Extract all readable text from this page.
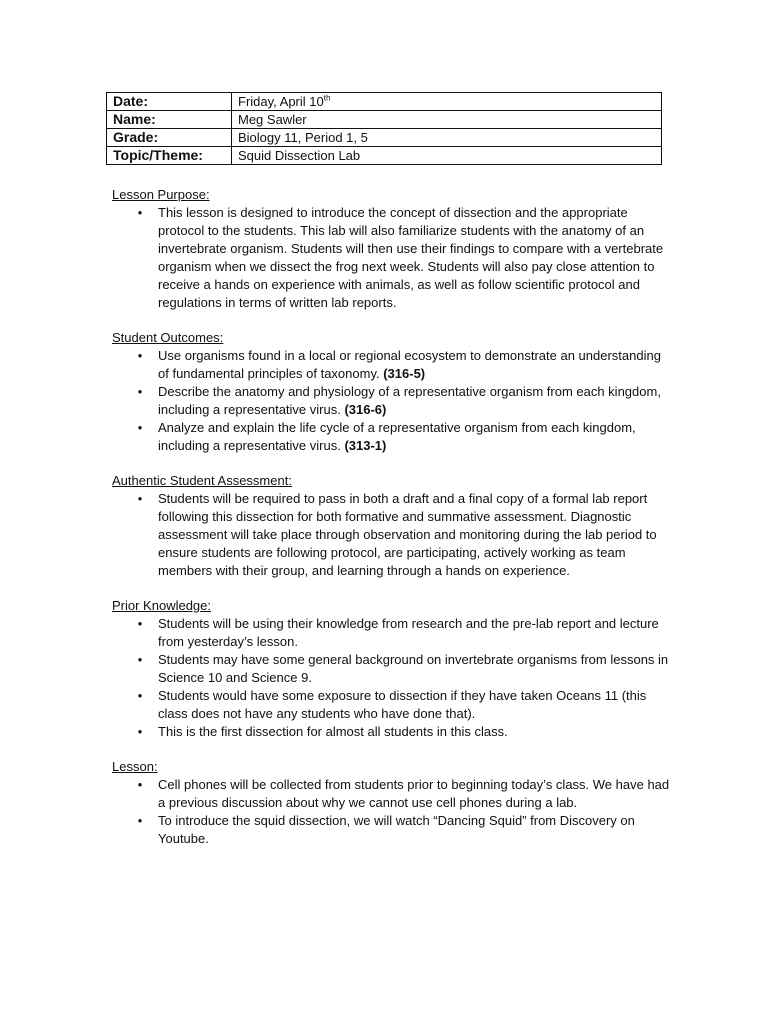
Date:	Friday, April 10th
Name:	Meg Sawler
Grade:	Biology 11, Period 1, 5
Topic/Theme:	Squid Dissection Lab
Lesson Purpose:
• This lesson is designed to introduce the concept of dissection and the appropriate protocol to the students. This lab will also familiarize students with the anatomy of an invertebrate organism. Students will then use their findings to compare with a vertebrate organism when we dissect the frog next week. Students will also pay close attention to receive a hands on experience with animals, as well as follow scientific protocol and regulations in terms of written lab reports.
Student Outcomes:
• Use organisms found in a local or regional ecosystem to demonstrate an understanding of fundamental principles of taxonomy. (316-5)
• Describe the anatomy and physiology of a representative organism from each kingdom, including a representative virus. (316-6)
• Analyze and explain the life cycle of a representative organism from each kingdom, including a representative virus. (313-1)
Authentic Student Assessment:
• Students will be required to pass in both a draft and a final copy of a formal lab report following this dissection for both formative and summative assessment. Diagnostic assessment will take place through observation and monitoring during the lab period to ensure students are following protocol, are participating, actively working as team members with their group, and learning through a hands on experience.
Prior Knowledge:
• Students will be using their knowledge from research and the pre-lab report and lecture from yesterday’s lesson.
• Students may have some general background on invertebrate organisms from lessons in Science 10 and Science 9.
• Students would have some exposure to dissection if they have taken Oceans 11 (this class does not have any students who have done that).
• This is the first dissection for almost all students in this class.
Lesson:
• Cell phones will be collected from students prior to beginning today’s class. We have had a previous discussion about why we cannot use cell phones during a lab.
• To introduce the squid dissection, we will watch “Dancing Squid” from Discovery on Youtube.
